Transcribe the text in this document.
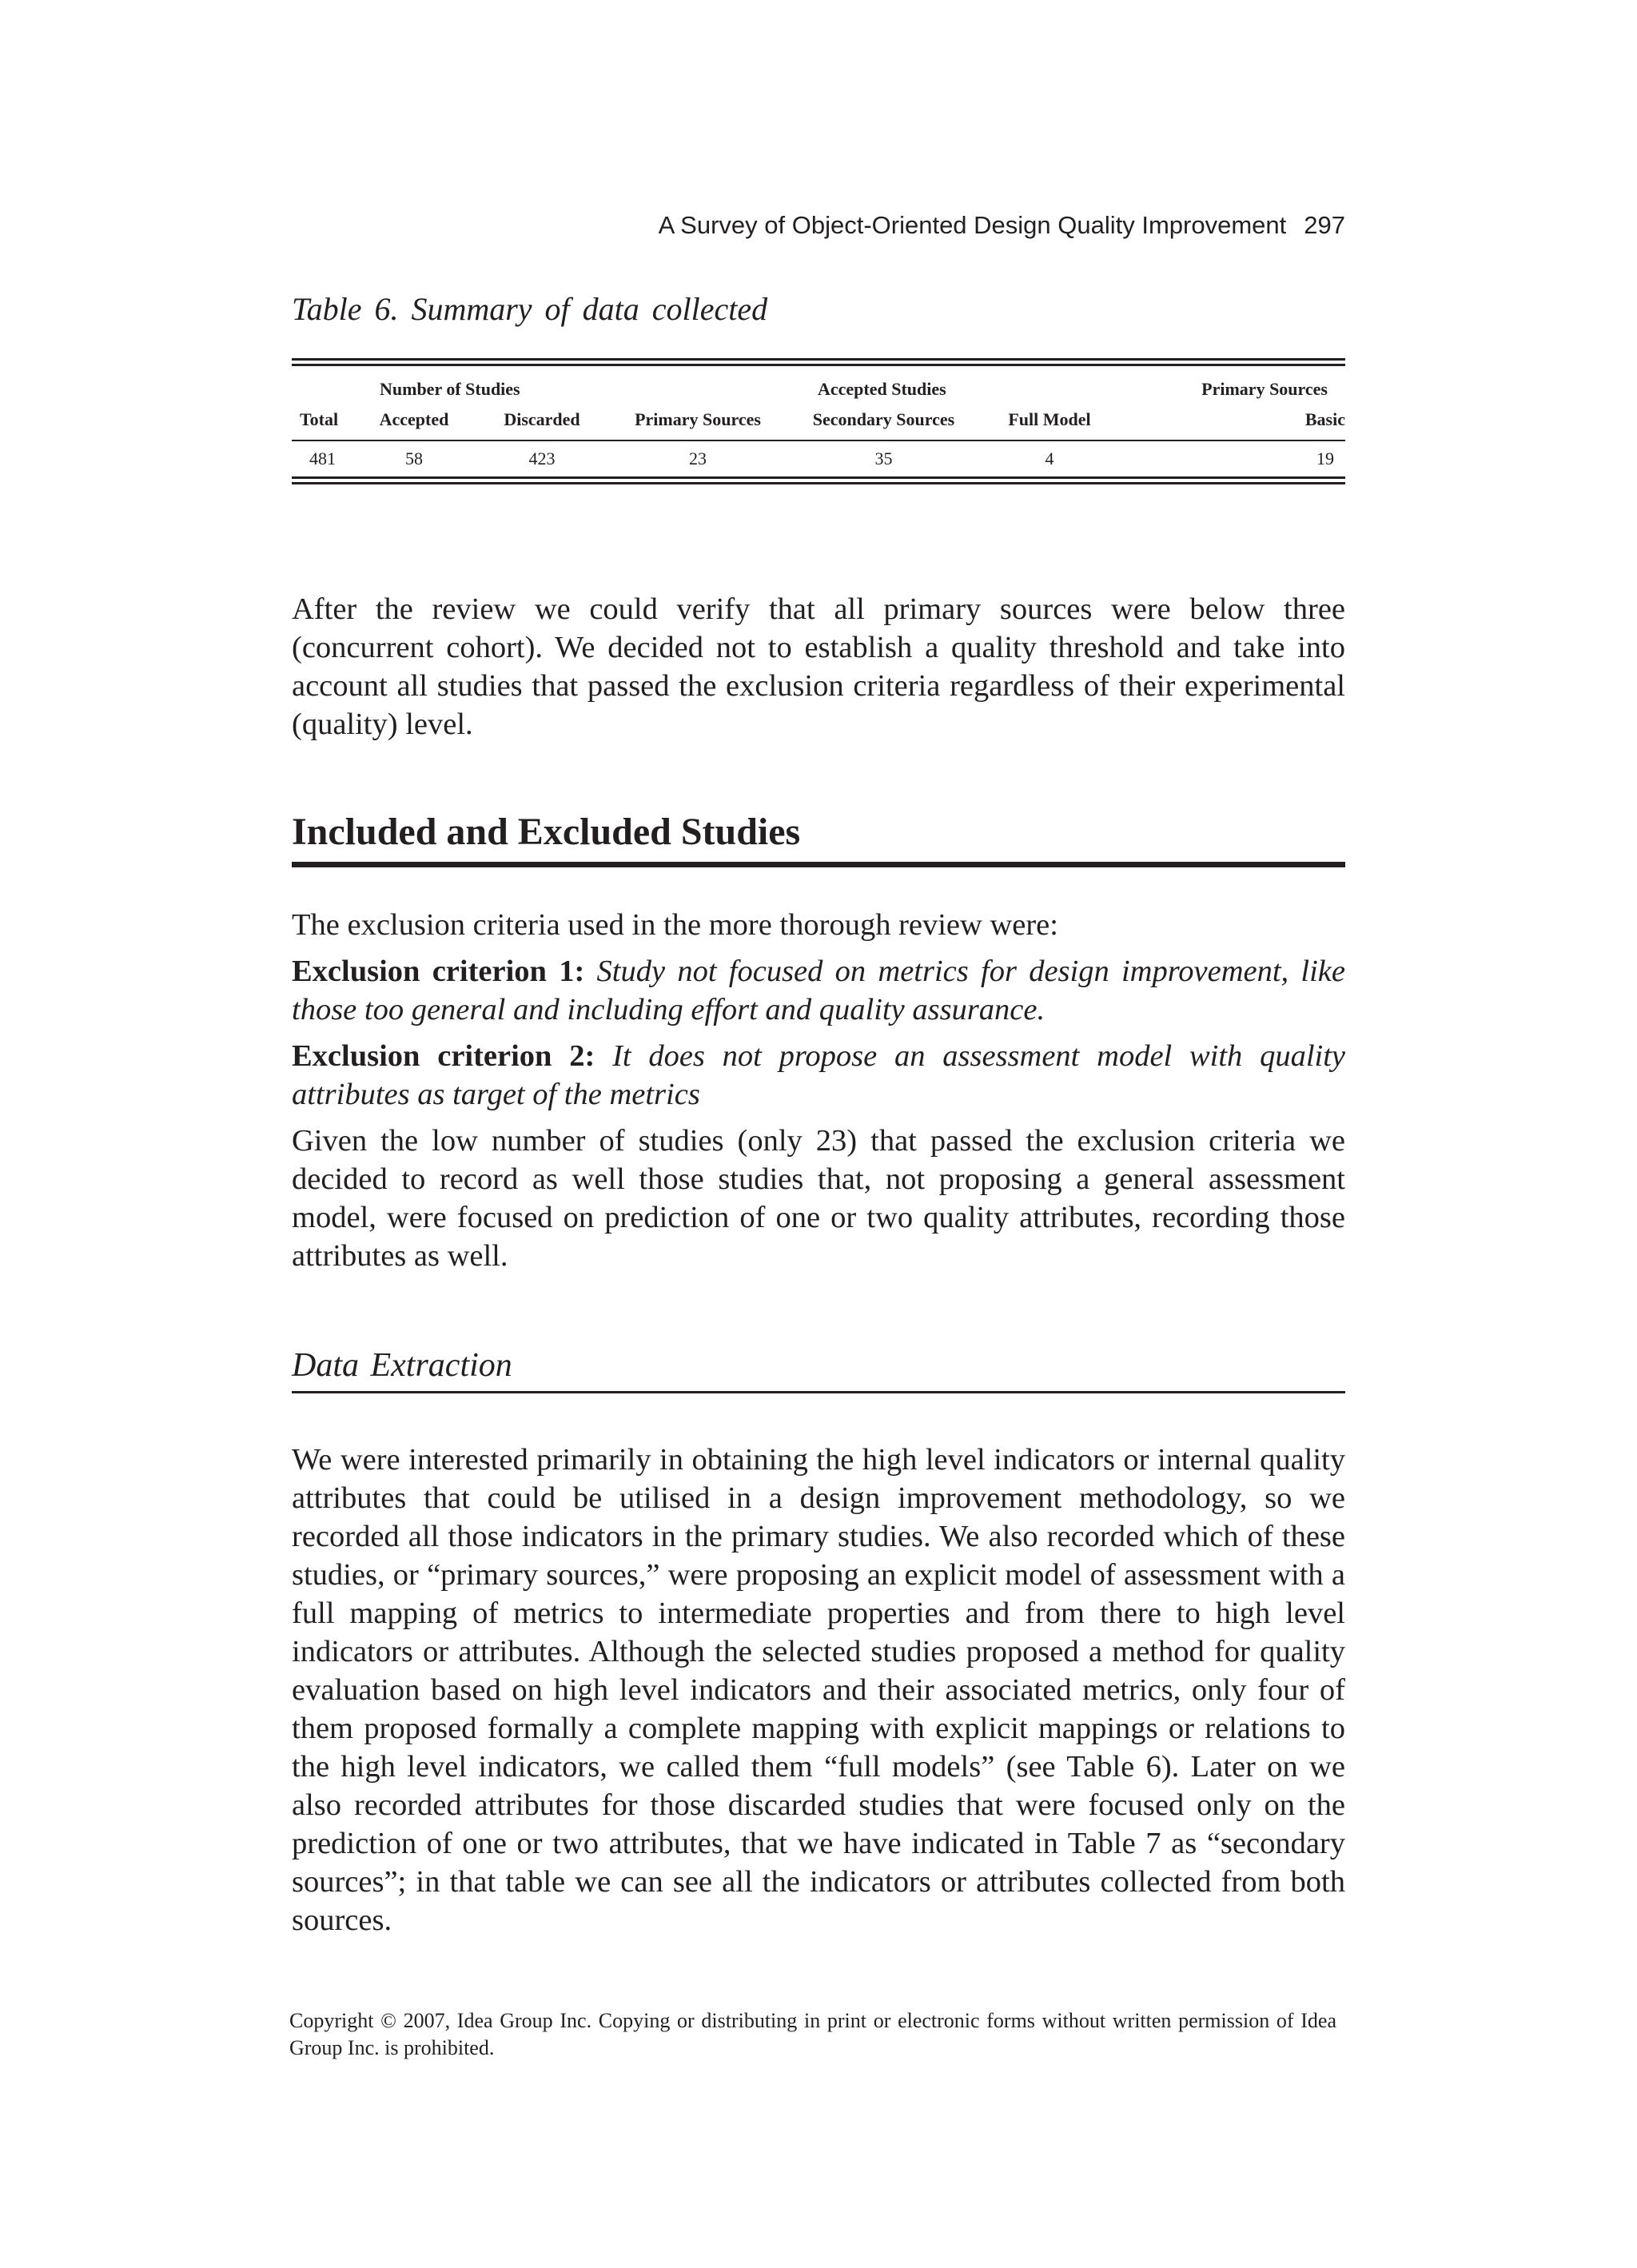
A Survey of Object-Oriented Design Quality Improvement 297
Table 6. Summary of data collected
	Number of Studies			Accepted Studies		Primary Sources
Total	Accepted	Discarded	Primary Sources	Secondary Sources	Full Model	Basic
481	58	423	23	35	4	19

After the review we could verify that all primary sources were below three (concurrent cohort). We decided not to establish a quality threshold and take into account all studies that passed the exclusion criteria regardless of their experimental (quality) level.

Included and Excluded Studies

The exclusion criteria used in the more thorough review were:

Exclusion criterion 1: Study not focused on metrics for design improvement, like those too general and including effort and quality assurance.

Exclusion criterion 2: It does not propose an assessment model with quality attributes as target of the metrics

Given the low number of studies (only 23) that passed the exclusion criteria we decided to record as well those studies that, not proposing a general assessment model, were focused on prediction of one or two quality attributes, recording those attributes as well.

Data Extraction

We were interested primarily in obtaining the high level indicators or internal quality attributes that could be utilised in a design improvement methodology, so we recorded all those indicators in the primary studies. We also recorded which of these studies, or “primary sources,” were proposing an explicit model of assessment with a full mapping of metrics to intermediate properties and from there to high level indicators or attributes. Although the selected studies proposed a method for quality evaluation based on high level indicators and their associated metrics, only four of them proposed formally a complete mapping with explicit mappings or relations to the high level indicators, we called them “full models” (see Table 6). Later on we also recorded attributes for those discarded studies that were focused only on the prediction of one or two attributes, that we have indicated in Table 7 as “secondary sources”; in that table we can see all the indicators or attributes collected from both sources.

Copyright © 2007, Idea Group Inc. Copying or distributing in print or electronic forms without written permission of Idea Group Inc. is prohibited.
